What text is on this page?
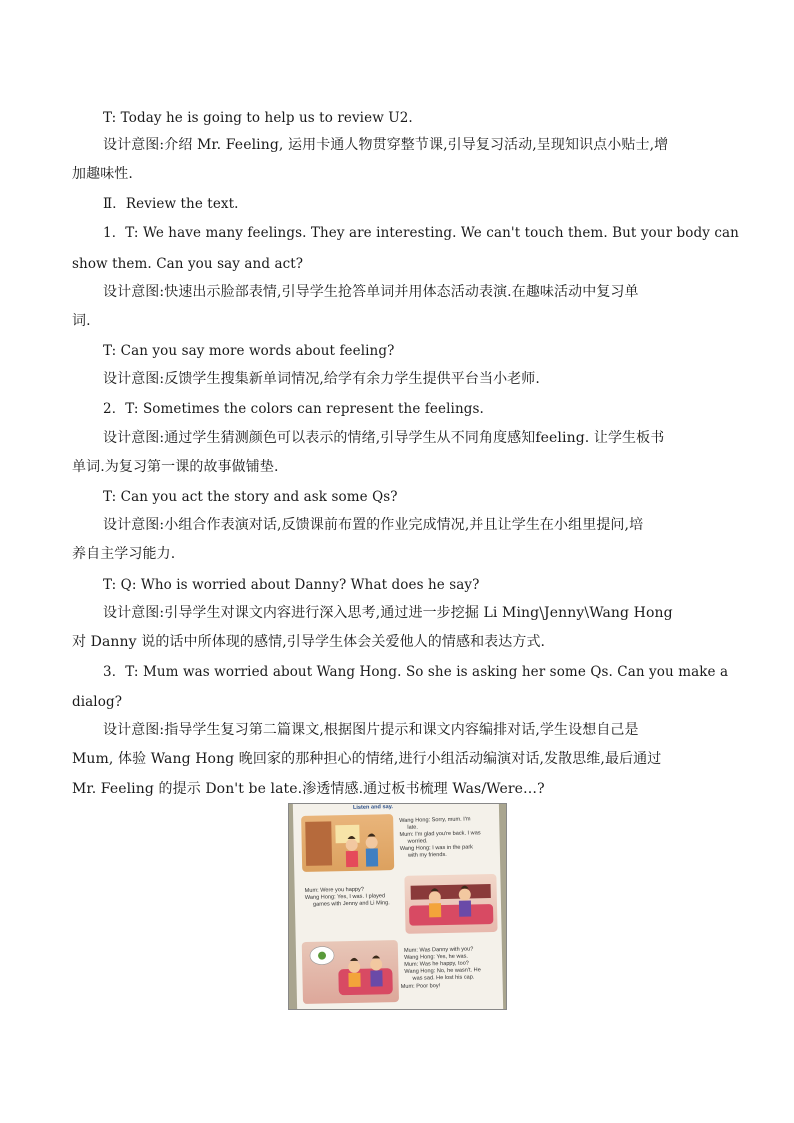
T: Today he is going to help us to review U2.
设计意图:介绍 Mr. Feeling, 运用卡通人物贯穿整节课,引导复习活动,呈现知识点小贴士,增
加趣味性.
Ⅱ．Review the text.
1．T: We have many feelings. They are interesting. We can't touch them. But your body can
show them. Can you say and act?
设计意图:快速出示脸部表情,引导学生抢答单词并用体态活动表演.在趣味活动中复习单
词.
T: Can you say more words about feeling?
设计意图:反馈学生搜集新单词情况,给学有余力学生提供平台当小老师.
2．T: Sometimes the colors can represent the feelings.
设计意图:通过学生猜测颜色可以表示的情绪,引导学生从不同角度感知feeling. 让学生板书
单词.为复习第一课的故事做铺垫.
T: Can you act the story and ask some Qs?
设计意图:小组合作表演对话,反馈课前布置的作业完成情况,并且让学生在小组里提问,培
养自主学习能力.
T: Q: Who is worried about Danny? What does he say?
设计意图:引导学生对课文内容进行深入思考,通过进一步挖掘 Li Ming\Jenny\Wang Hong
对 Danny 说的话中所体现的感情,引导学生体会关爱他人的情感和表达方式.
3．T: Mum was worried about Wang Hong. So she is asking her some Qs. Can you make a
dialog?
设计意图:指导学生复习第二篇课文,根据图片提示和课文内容编排对话,学生设想自己是
Mum, 体验 Wang Hong 晚回家的那种担心的情绪,进行小组活动编演对话,发散思维,最后通过
Mr. Feeling 的提示 Don't be late.渗透情感.通过板书梳理 Was/Were…?
Listen and say.
Wang Hong: Sorry, mum. I'm
late.
Mum: I'm glad you're back. I was
worried.
Wang Hong: I was in the park
with my friends.
Mum: Were you happy?
Wang Hong: Yes, I was. I played
games with Jenny and Li Ming.
Mum: Was Danny with you?
Wang Hong: Yes, he was.
Mum: Was he happy, too?
Wang Hong: No, he wasn't. He
was sad. He lost his cap.
Mum: Poor boy!
